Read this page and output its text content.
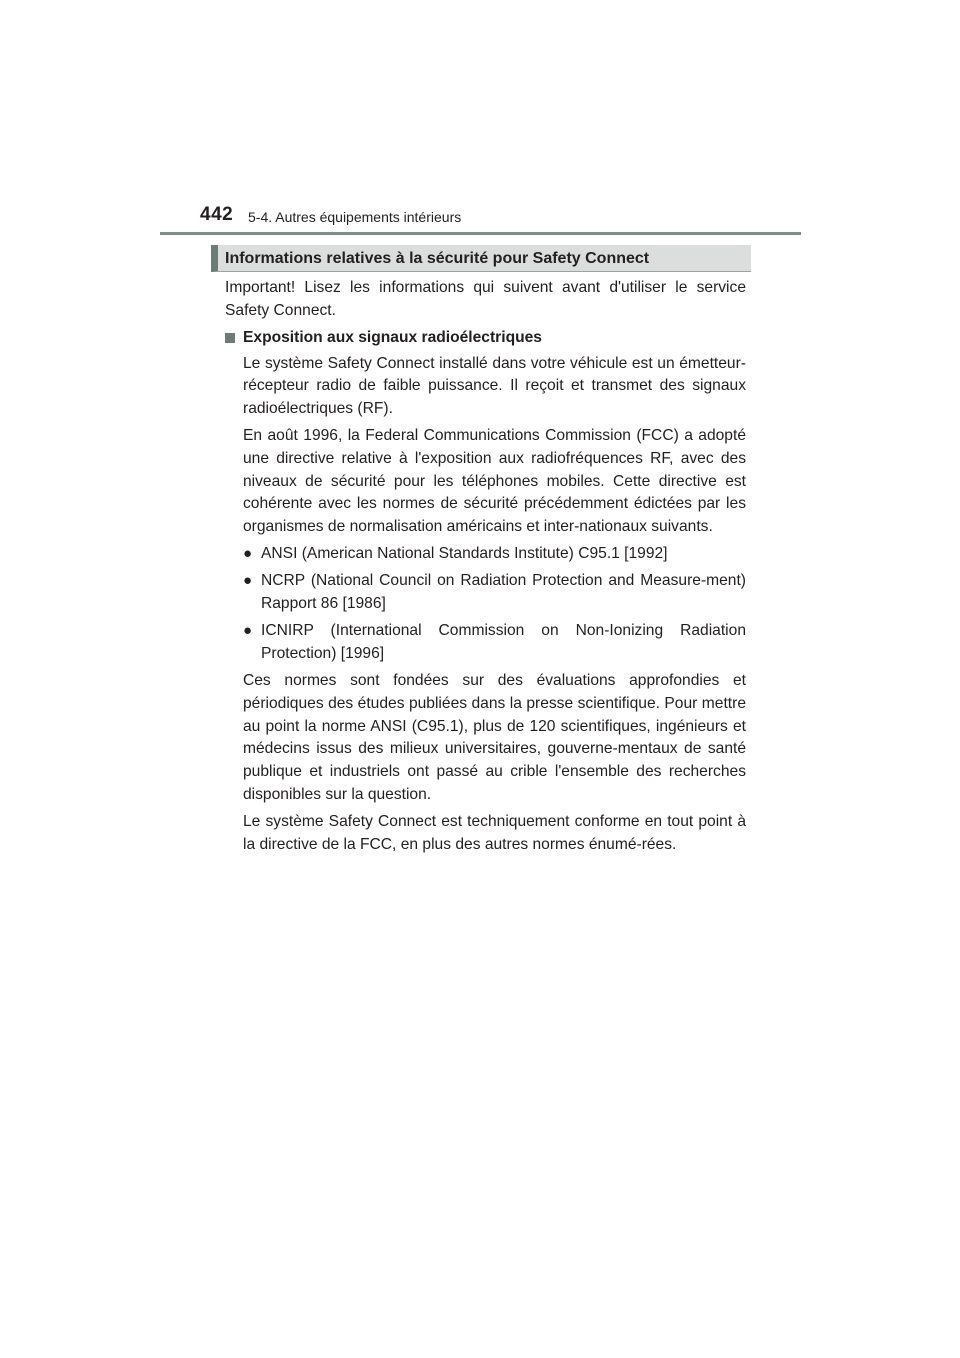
442 5-4. Autres équipements intérieurs
Informations relatives à la sécurité pour Safety Connect

Important! Lisez les informations qui suivent avant d'utiliser le service Safety Connect.

Exposition aux signaux radioélectriques

Le système Safety Connect installé dans votre véhicule est un émetteur-récepteur radio de faible puissance. Il reçoit et transmet des signaux radioélectriques (RF).

En août 1996, la Federal Communications Commission (FCC) a adopté une directive relative à l'exposition aux radiofréquences RF, avec des niveaux de sécurité pour les téléphones mobiles. Cette directive est cohérente avec les normes de sécurité précédemment édictées par les organismes de normalisation américains et inter-nationaux suivants.

● ANSI (American National Standards Institute) C95.1 [1992]
● NCRP (National Council on Radiation Protection and Measure-ment) Rapport 86 [1986]
● ICNIRP (International Commission on Non-Ionizing Radiation Protection) [1996]

Ces normes sont fondées sur des évaluations approfondies et périodiques des études publiées dans la presse scientifique. Pour mettre au point la norme ANSI (C95.1), plus de 120 scientifiques, ingénieurs et médecins issus des milieux universitaires, gouverne-mentaux de santé publique et industriels ont passé au crible l'ensemble des recherches disponibles sur la question.

Le système Safety Connect est techniquement conforme en tout point à la directive de la FCC, en plus des autres normes énumé-rées.
